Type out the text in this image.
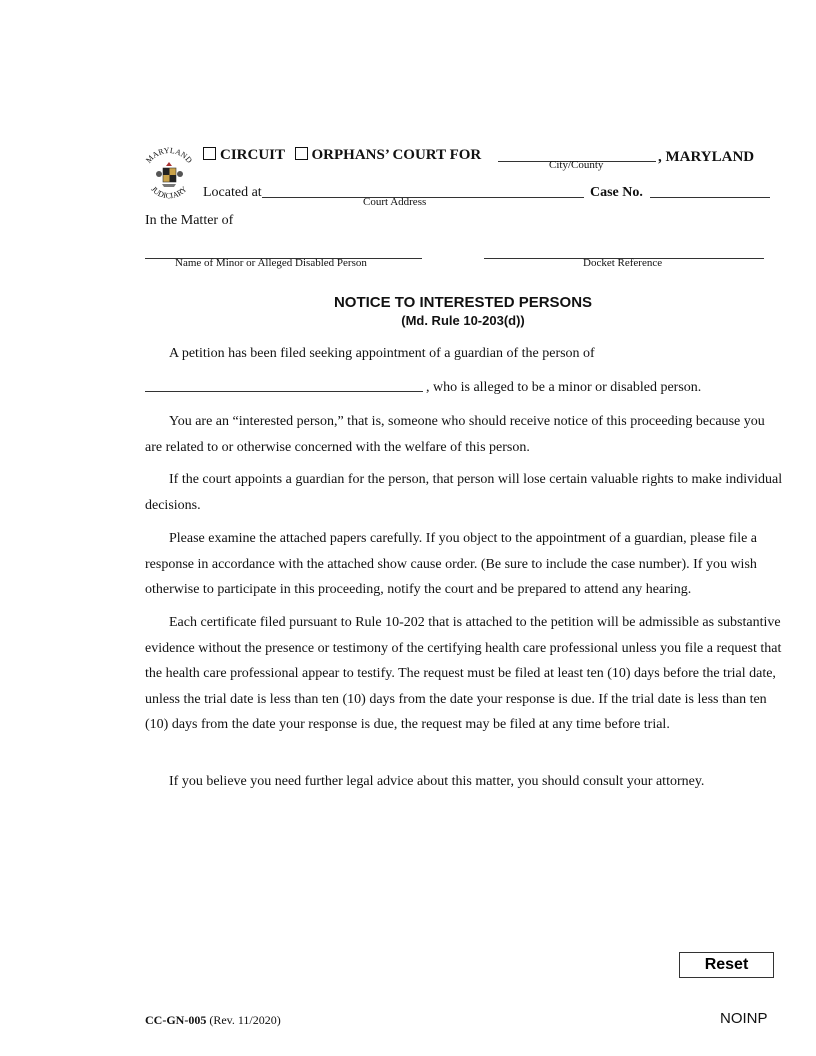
MARYLAND
JUDICIARY
CIRCUIT ORPHANS’ COURT FOR	, MARYLAND
City/County
Located at
Court Address
Case No.
In the Matter of
Name of Minor or Alleged Disabled Person	Docket Reference
NOTICE TO INTERESTED PERSONS
(Md. Rule 10-203(d))
A petition has been filed seeking appointment of a guardian of the person of
, who is alleged to be a minor or disabled person.

You are an “interested person,” that is, someone who should receive notice of this proceeding because you are related to or otherwise concerned with the welfare of this person.

If the court appoints a guardian for the person, that person will lose certain valuable rights to make individual decisions.

Please examine the attached papers carefully. If you object to the appointment of a guardian, please file a response in accordance with the attached show cause order. (Be sure to include the case number). If you wish otherwise to participate in this proceeding, notify the court and be prepared to attend any hearing.

Each certificate filed pursuant to Rule 10-202 that is attached to the petition will be admissible as substantive evidence without the presence or testimony of the certifying health care professional unless you file a request that the health care professional appear to testify. The request must be filed at least ten (10) days before the trial date, unless the trial date is less than ten (10) days from the date your response is due. If the trial date is less than ten (10) days from the date your response is due, the request may be filed at any time before trial.

If you believe you need further legal advice about this matter, you should consult your attorney.

Reset
CC-GN-005 (Rev. 11/2020)	NOINP
